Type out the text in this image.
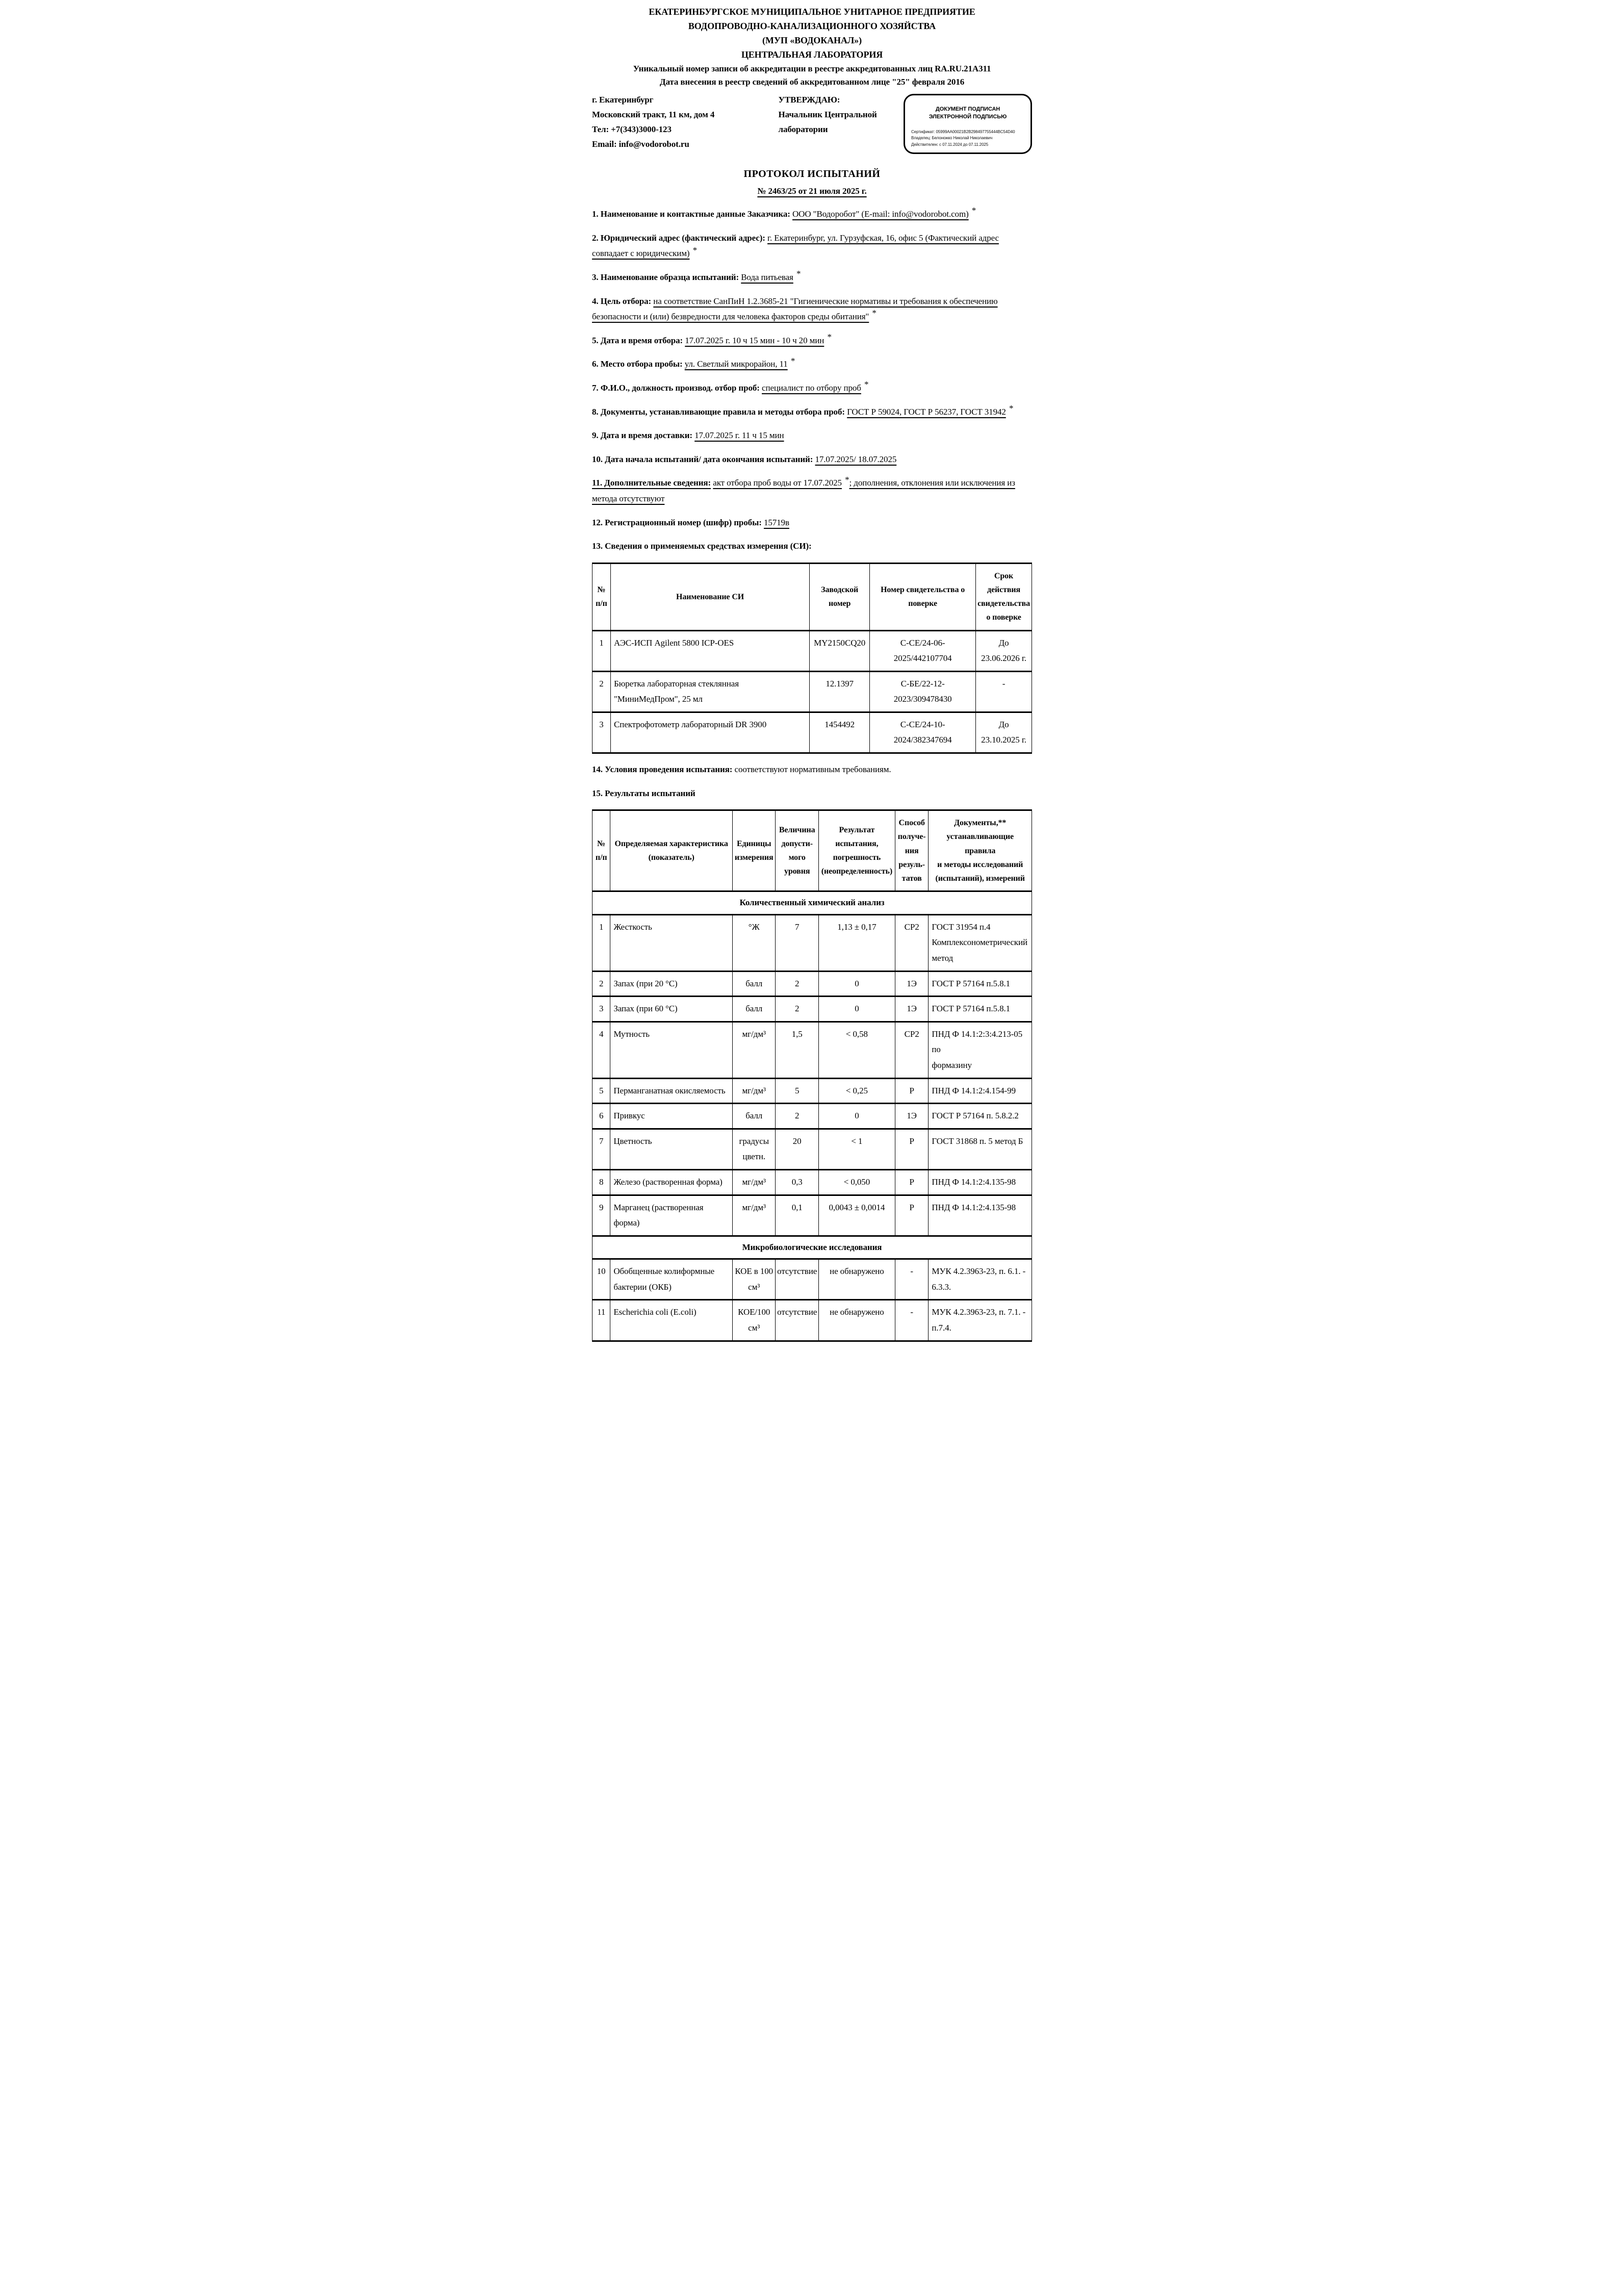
ЕКАТЕРИНБУРГСКОЕ МУНИЦИПАЛЬНОЕ УНИТАРНОЕ ПРЕДПРИЯТИЕ
ВОДОПРОВОДНО-КАНАЛИЗАЦИОННОГО ХОЗЯЙСТВА
(МУП «ВОДОКАНАЛ»)
ЦЕНТРАЛЬНАЯ ЛАБОРАТОРИЯ
Уникальный номер записи об аккредитации в реестре аккредитованных лиц RA.RU.21А311
Дата внесения в реестр сведений об аккредитованном лице "25" февраля 2016
г. Екатеринбург
Московский тракт, 11 км, дом 4
Тел: +7(343)3000-123
Email: info@vodorobot.ru
УТВЕРЖДАЮ:
Начальник Центральной
лаборатории
ДОКУМЕНТ ПОДПИСАН
ЭЛЕКТРОННОЙ ПОДПИСЬЮ
Сертификат: 05999AA00021B2B298497755444BC54D40
Владелец: Белоножко Николай Николаевич
Действителен: с 07.11.2024 до 07.11.2025
ПРОТОКОЛ ИСПЫТАНИЙ
№ 2463/25 от 21 июля 2025 г.
1. Наименование и контактные данные Заказчика: ООО "Водоробот" (E-mail: info@vodorobot.com) *
2. Юридический адрес (фактический адрес): г. Екатеринбург, ул. Гурзуфская, 16, офис 5 (Фактический адрес совпадает с юридическим) *
3. Наименование образца испытаний: Вода питьевая *
4. Цель отбора: на соответствие СанПиН 1.2.3685-21 "Гигиенические нормативы и требования к обеспечению безопасности и (или) безвредности для человека факторов среды обитания" *
5. Дата и время отбора: 17.07.2025 г. 10 ч 15 мин - 10 ч 20 мин *
6. Место отбора пробы: ул. Светлый микрорайон, 11 *
7. Ф.И.О., должность производ. отбор проб: специалист по отбору проб *
8. Документы, устанавливающие правила и методы отбора проб: ГОСТ Р 59024, ГОСТ Р 56237, ГОСТ 31942 *
9. Дата и время доставки: 17.07.2025 г. 11 ч 15 мин
10. Дата начала испытаний/ дата окончания испытаний: 17.07.2025/ 18.07.2025
11. Дополнительные сведения: акт отбора проб воды от 17.07.2025 *; дополнения, отклонения или исключения из метода отсутствуют
12. Регистрационный номер (шифр) пробы: 15719в
13. Сведения о применяемых средствах измерения (СИ):
№
п/п	Наименование СИ	Заводской
номер	Номер свидетельства о
поверке	Срок действия
свидетельства
о поверке
1	АЭС-ИСП Agilent 5800 ICP-OES	MY2150CQ20	С-СЕ/24-06-2025/442107704	До 23.06.2026 г.
2	Бюретка лабораторная стеклянная
"МиниМедПром", 25 мл	12.1397	С-БЕ/22-12-2023/309478430	-
3	Спектрофотометр лабораторный DR 3900	1454492	С-СЕ/24-10-2024/382347694	До 23.10.2025 г.
14. Условия проведения испытания: соответствуют нормативным требованиям.
15. Результаты испытаний
№
п/п	Определяемая характеристика
(показатель)	Единицы
измерения	Величина
допусти-
мого
уровня	Результат
испытания,
погрешность
(неопределенность)	Способ
получе-
ния
резуль-
татов	Документы,**
устанавливающие правила
и методы исследований
(испытаний), измерений
Количественный химический анализ						
1	Жесткость	°Ж	7	1,13 ± 0,17	СР2	ГОСТ 31954 п.4
Комплексонометрический
метод
2	Запах (при 20 °С)	балл	2	0	1Э	ГОСТ Р 57164 п.5.8.1
3	Запах (при 60 °С)	балл	2	0	1Э	ГОСТ Р 57164 п.5.8.1
4	Мутность	мг/дм³	1,5	< 0,58	СР2	ПНД Ф 14.1:2:3:4.213-05 по
формазину
5	Перманганатная окисляемость	мг/дм³	5	< 0,25	Р	ПНД Ф 14.1:2:4.154-99
6	Привкус	балл	2	0	1Э	ГОСТ Р 57164 п. 5.8.2.2
7	Цветность	градусы
цветн.	20	< 1	Р	ГОСТ 31868 п. 5 метод Б
8	Железо (растворенная форма)	мг/дм³	0,3	< 0,050	Р	ПНД Ф 14.1:2:4.135-98
9	Марганец (растворенная
форма)	мг/дм³	0,1	0,0043 ± 0,0014	Р	ПНД Ф 14.1:2:4.135-98
Микробиологические исследования						
10	Обобщенные колиформные
бактерии (ОКБ)	КОЕ в 100
см³	отсутствие	не обнаружено	-	МУК 4.2.3963-23, п. 6.1. -
6.3.3.
11	Escherichia coli (E.coli)	КОЕ/100
см³	отсутствие	не обнаружено	-	МУК 4.2.3963-23, п. 7.1. -
п.7.4.
